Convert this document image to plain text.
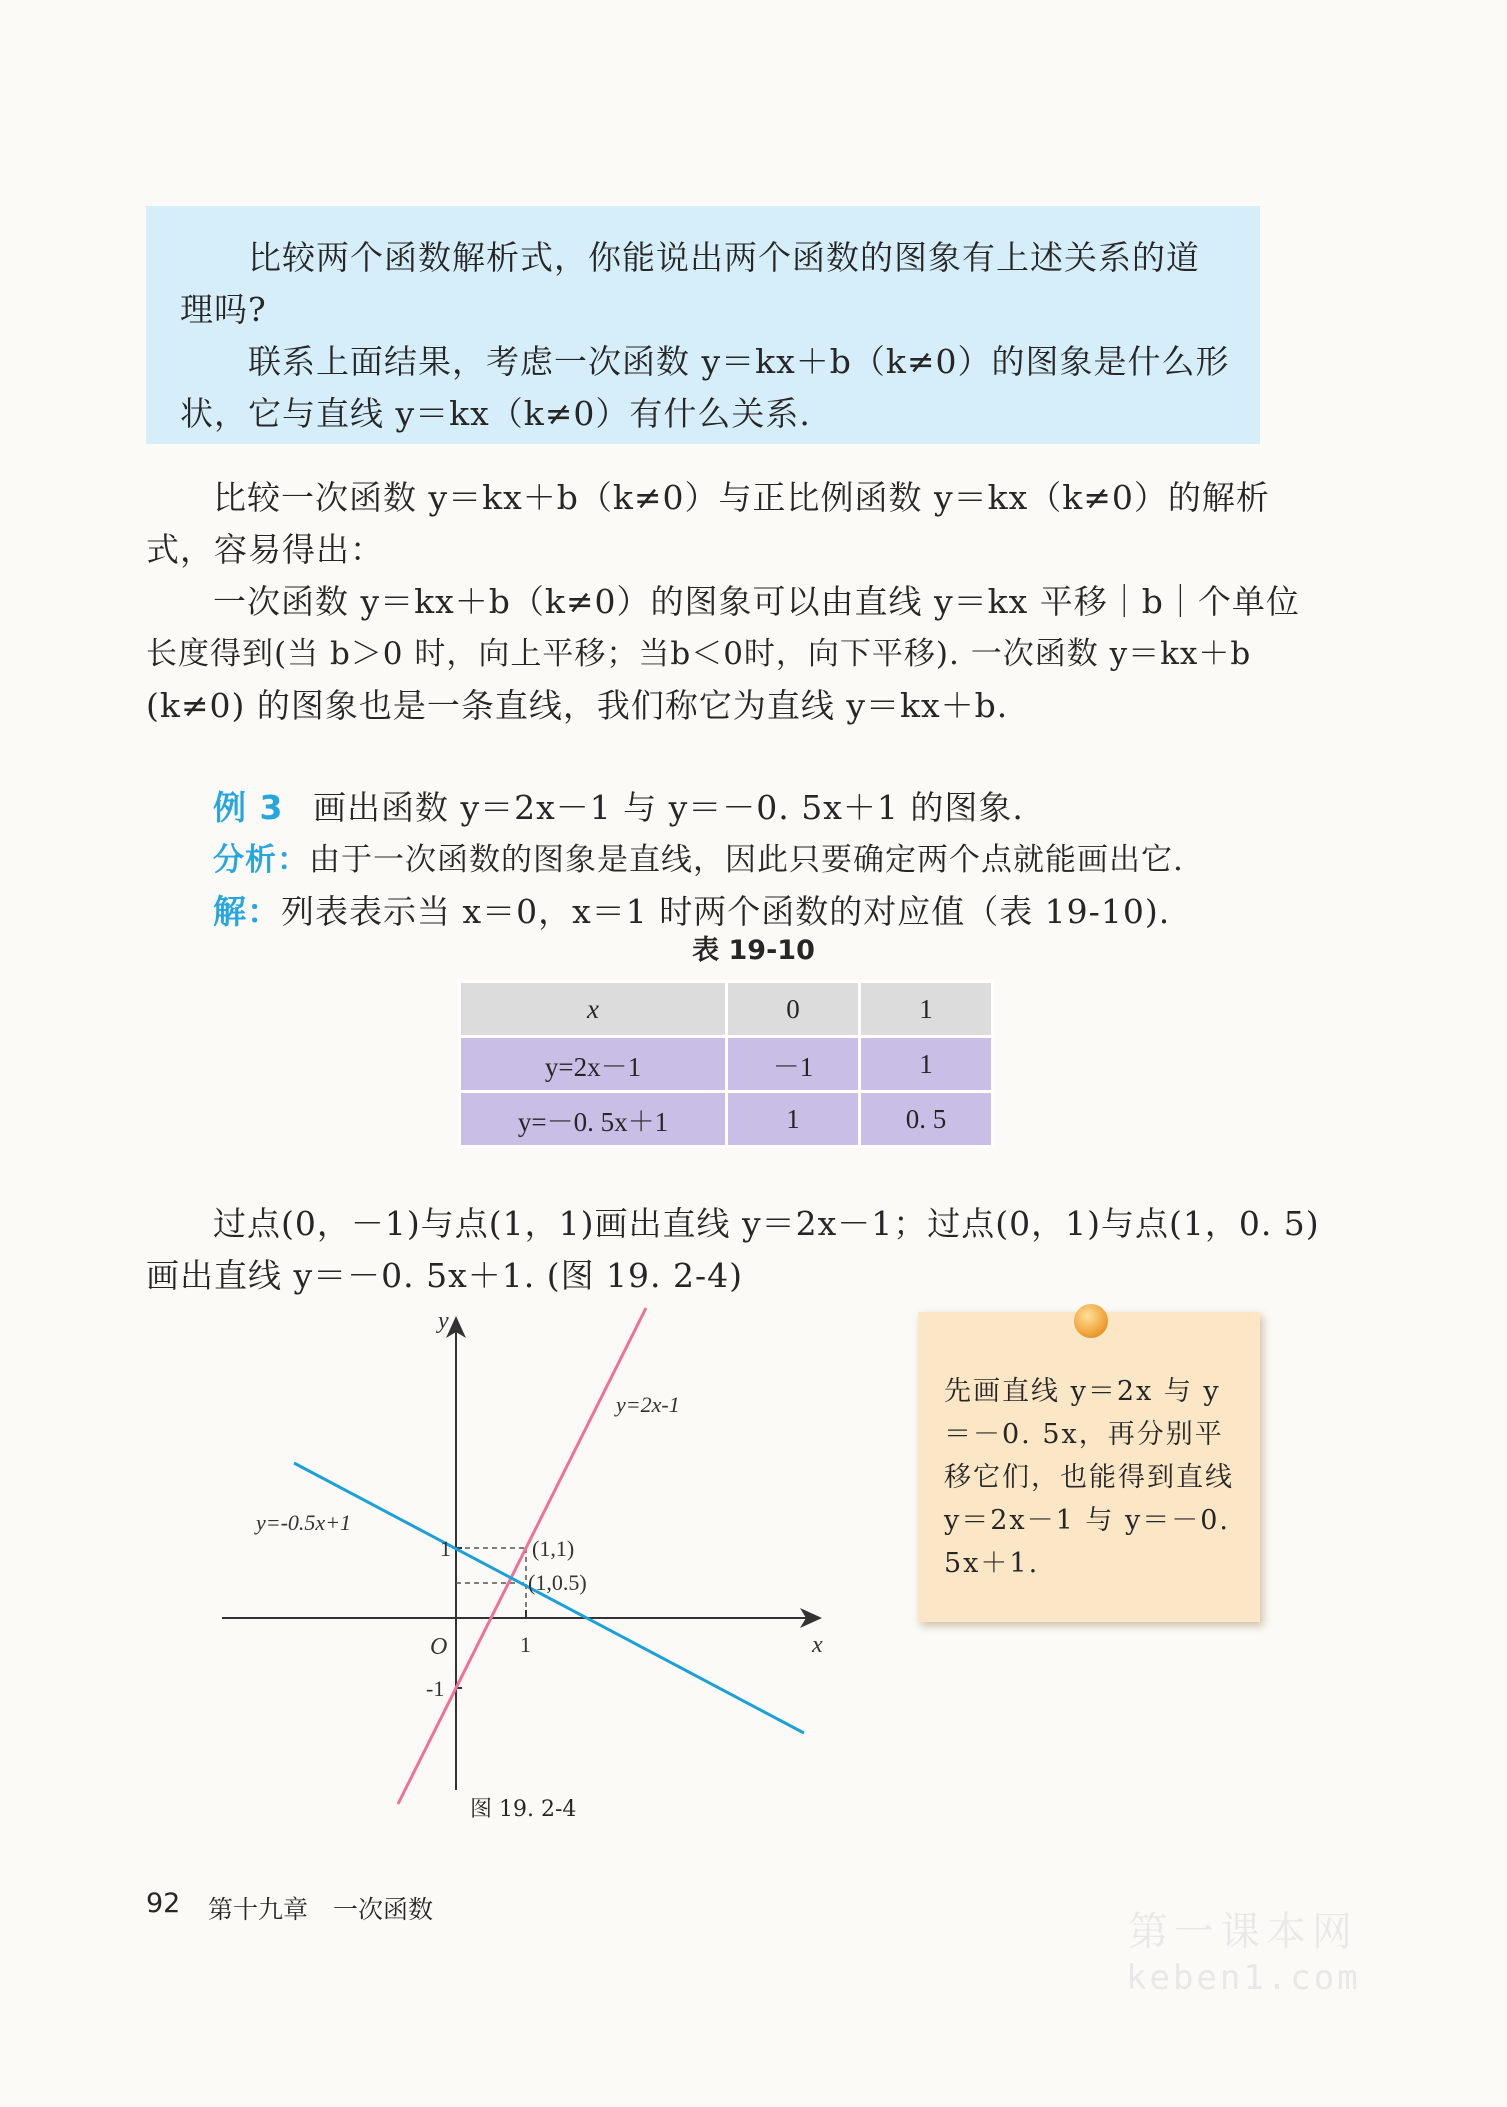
比较两个函数解析式，你能说出两个函数的图象有上述关系的道
理吗?
联系上面结果，考虑一次函数 y＝kx＋b（k≠0）的图象是什么形
状，它与直线 y＝kx（k≠0）有什么关系.
比较一次函数 y＝kx＋b（k≠0）与正比例函数 y＝kx（k≠0）的解析
式，容易得出：
一次函数 y＝kx＋b（k≠0）的图象可以由直线 y＝kx 平移｜b｜个单位
长度得到(当 b＞0 时，向上平移；当b＜0时，向下平移). 一次函数 y＝kx＋b
(k≠0) 的图象也是一条直线，我们称它为直线 y＝kx＋b.
例 3 画出函数 y＝2x－1 与 y＝－0. 5x＋1 的图象.
分析：由于一次函数的图象是直线，因此只要确定两个点就能画出它.
解：列表表示当 x＝0，x＝1 时两个函数的对应值（表 19-10).
表 19-10
x	0	1
y=2x－1	－1	1
y=－0. 5x＋1	1	0. 5
过点(0，－1)与点(1，1)画出直线 y＝2x－1；过点(0，1)与点(1，0. 5)
画出直线 y＝－0. 5x＋1. (图 19. 2-4)
y
x
O	1
1
-1
y=2x-1
y=-0.5x+1
(1,1)
(1,0.5)
图 19. 2-4
先画直线 y＝2x 与 y＝－0. 5x，再分别平移它们，也能得到直线 y＝2x－1 与 y＝－0. 5x＋1.
92 第十九章　一次函数	第一课本网
keben1.com
